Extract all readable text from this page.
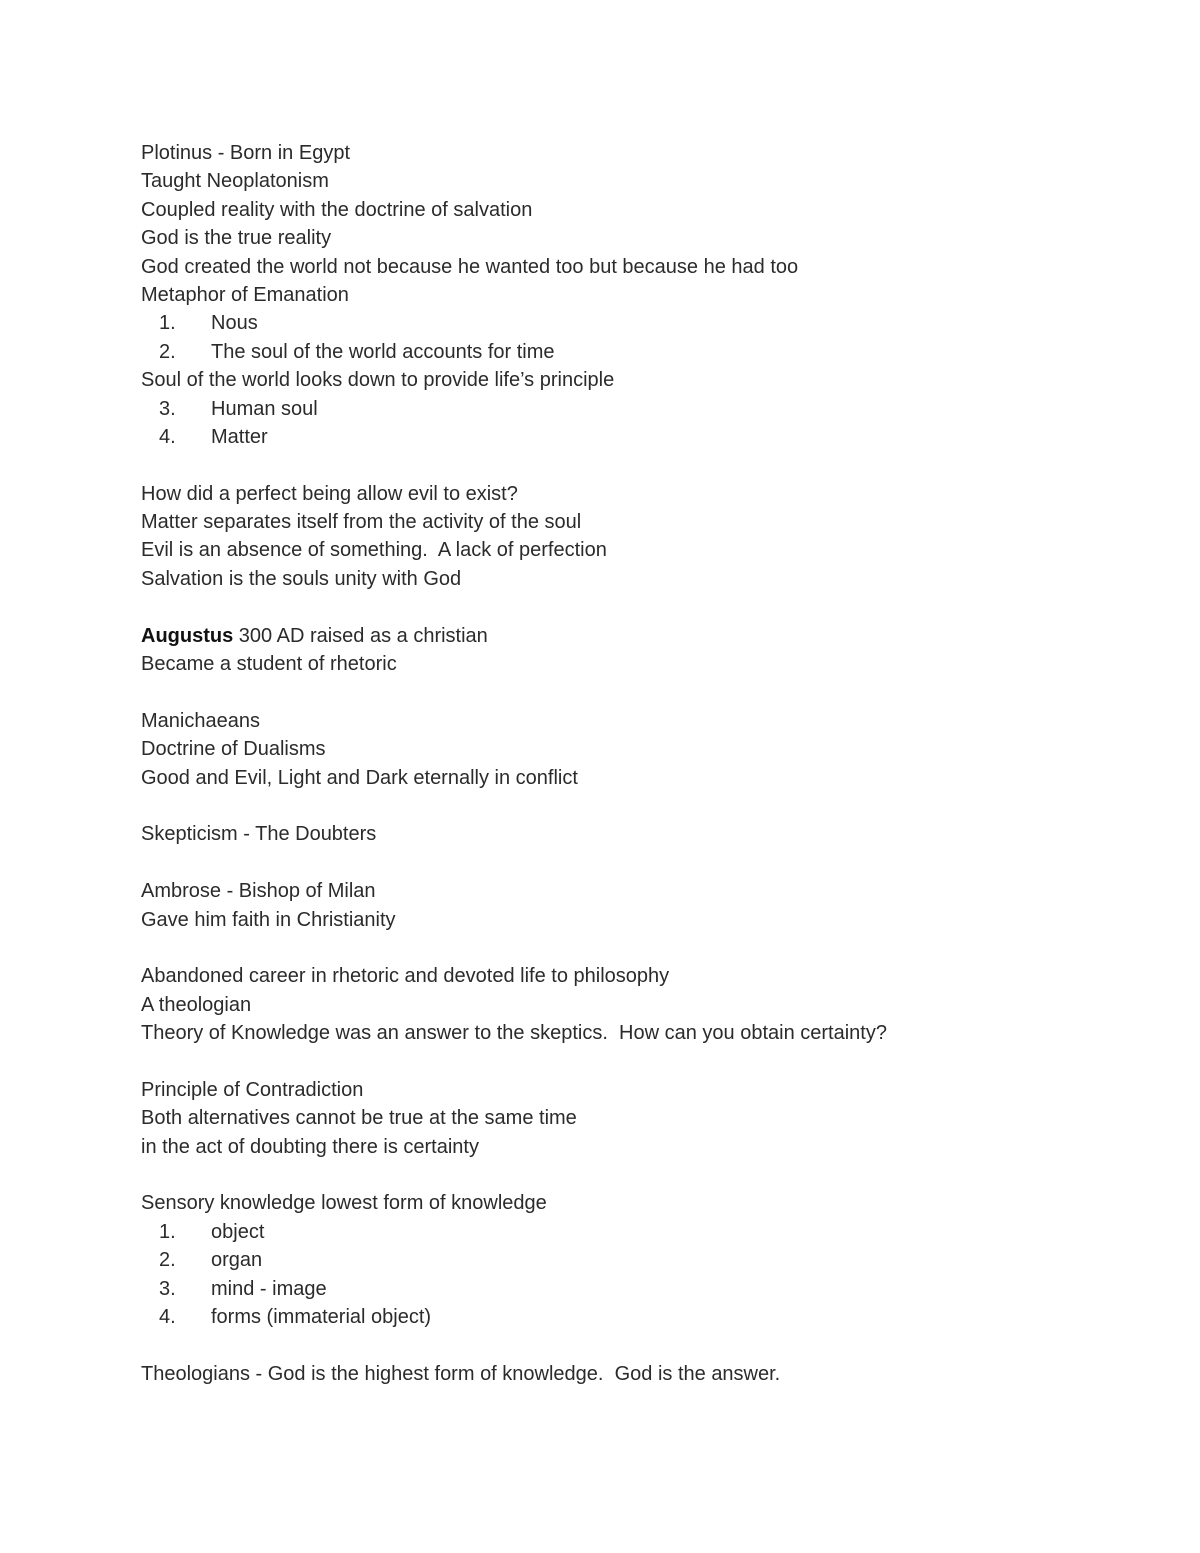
Plotinus - Born in Egypt
Taught Neoplatonism
Coupled reality with the doctrine of salvation
God is the true reality
God created the world not because he wanted too but because he had too
Metaphor of Emanation
1.	Nous
2.	The soul of the world accounts for time
Soul of the world looks down to provide life’s principle
3.	Human soul
4.	Matter
How did a perfect being allow evil to exist?
Matter separates itself from the activity of the soul
Evil is an absence of something.  A lack of perfection
Salvation is the souls unity with God
Augustus 300 AD raised as a christian
Became a student of rhetoric
Manichaeans
Doctrine of Dualisms
Good and Evil, Light and Dark eternally in conflict
Skepticism - The Doubters
Ambrose - Bishop of Milan
Gave him faith in Christianity
Abandoned career in rhetoric and devoted life to philosophy
A theologian
Theory of Knowledge was an answer to the skeptics.  How can you obtain certainty?
Principle of Contradiction
Both alternatives cannot be true at the same time
in the act of doubting there is certainty
Sensory knowledge lowest form of knowledge
1.	object
2.	organ
3.	mind - image
4.	forms (immaterial object)
Theologians - God is the highest form of knowledge.  God is the answer.
